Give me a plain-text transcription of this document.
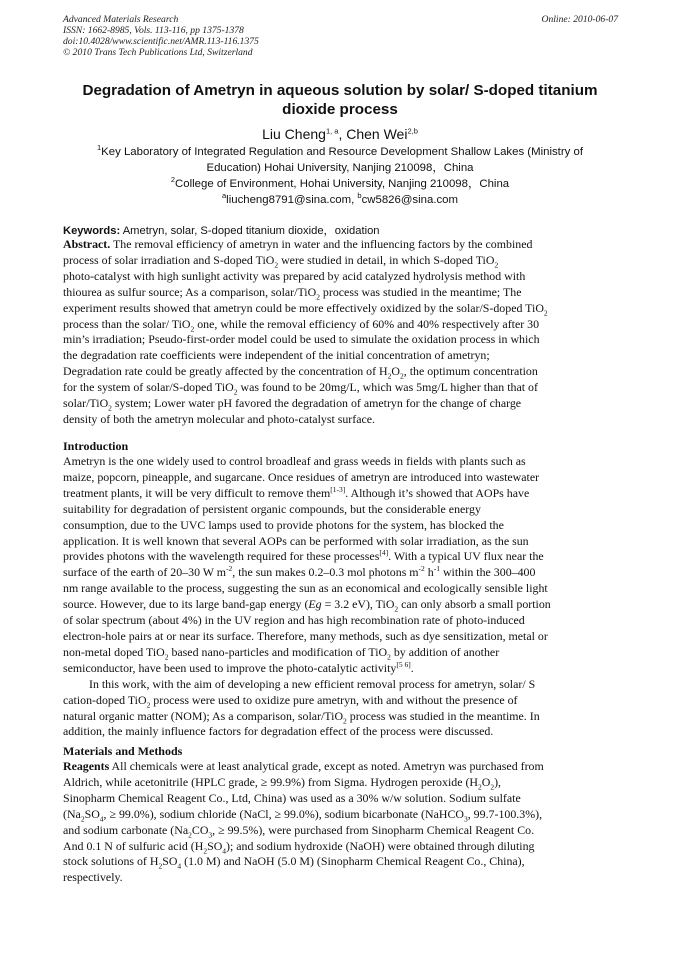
Advanced Materials Research
ISSN: 1662-8985, Vols. 113-116, pp 1375-1378
doi:10.4028/www.scientific.net/AMR.113-116.1375
© 2010 Trans Tech Publications Ltd, Switzerland
Online: 2010-06-07
Degradation of Ametryn in aqueous solution by solar/ S-doped titanium
dioxide process
Liu Cheng$^{1, a}$, Chen Wei$^{2,b}$
$^1$Key Laboratory of Integrated Regulation and Resource Development Shallow Lakes (Ministry of
Education) Hohai University, Nanjing 210098，China
$^2$College of Environment, Hohai University, Nanjing 210098，China
$^a$liucheng8791@sina.com, $^b$cw5826@sina.com
Keywords: Ametryn, solar, S-doped titanium dioxide，oxidation
Abstract. The removal efficiency of ametryn in water and the influencing factors by the combined
process of solar irradiation and S-doped TiO$_2$ were studied in detail, in which S-doped TiO$_2$
photo-catalyst with high sunlight activity was prepared by acid catalyzed hydrolysis method with
thiourea as sulfur source; As a comparison, solar/TiO$_2$ process was studied in the meantime; The
experiment results showed that ametryn could be more effectively oxidized by the solar/S-doped TiO$_2$
process than the solar/ TiO$_2$ one, while the removal efficiency of 60% and 40% respectively after 30
min’s irradiation; Pseudo-first-order model could be used to simulate the oxidation process in which
the degradation rate coefficients were independent of the initial concentration of ametryn;
Degradation rate could be greatly affected by the concentration of $H_2O_2$, the optimum concentration
for the system of solar/S-doped TiO$_2$ was found to be 20mg/L, which was 5mg/L higher than that of
solar/TiO$_2$ system; Lower water pH favored the degradation of ametryn for the change of charge
density of both the ametryn molecular and photo-catalyst surface.
Introduction
Ametryn is the one widely used to control broadleaf and grass weeds in fields with plants such as
maize, popcorn, pineapple, and sugarcane. Once residues of ametryn are introduced into wastewater
treatment plants, it will be very difficult to remove them[1-3]. Although it’s showed that AOPs have
suitability for degradation of persistent organic compounds, but the considerable energy
consumption, due to the UVC lamps used to provide photons for the system, has blocked the
application. It is well known that several AOPs can be performed with solar irradiation, as the sun
provides photons with the wavelength required for these processes[4]. With a typical UV flux near the
surface of the earth of 20–30 W $m^{-2}$, the sun makes 0.2–0.3 mol photons $m^{-2}$ $h^{-1}$ within the 300–400
nm range available to the process, suggesting the sun as an economical and ecologically sensible light
source. However, due to its large band-gap energy (Eg = 3.2 eV), TiO$_2$ can only absorb a small portion
of solar spectrum (about 4%) in the UV region and has high recombination rate of photo-induced
electron-hole pairs at or near its surface. Therefore, many methods, such as dye sensitization, metal or
non-metal doped TiO$_2$ based nano-particles and modification of TiO$_2$ by addition of another
semiconductor, have been used to improve the photo-catalytic activity[5 6].
In this work, with the aim of developing a new efficient removal process for ametryn, solar/ S
cation-doped TiO$_2$ process were used to oxidize pure ametryn, with and without the presence of
natural organic matter (NOM); As a comparison, solar/TiO$_2$ process was studied in the meantime. In
addition, the mainly influence factors for degradation effect of the process were discussed.
Materials and Methods
Reagents All chemicals were at least analytical grade, except as noted. Ametryn was purchased from
Aldrich, while acetonitrile (HPLC grade, ≥ 99.9%) from Sigma. Hydrogen peroxide $(H_2O_2)$,
Sinopharm Chemical Reagent Co., Ltd, China) was used as a 30% w/w solution. Sodium sulfate
($Na_2SO_4$, ≥ 99.0%), sodium chloride (NaCl, ≥ 99.0%), sodium bicarbonate (NaHCO$_3$, 99.7-100.3%),
and sodium carbonate ($Na_2CO_3$, ≥ 99.5%), were purchased from Sinopharm Chemical Reagent Co.
And 0.1 N of sulfuric acid $(H_2SO_4)$; and sodium hydroxide (NaOH) were obtained through diluting
stock solutions of $H_2SO_4$ (1.0 M) and NaOH (5.0 M) (Sinopharm Chemical Reagent Co., China),
respectively.
